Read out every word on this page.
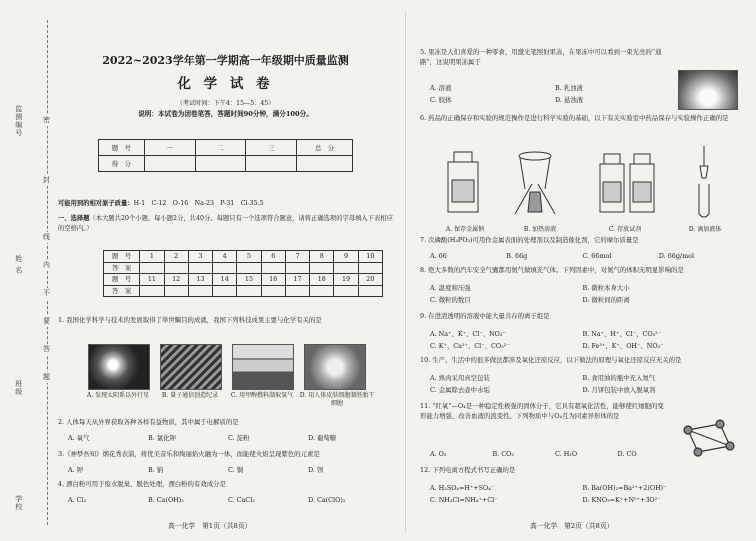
监测编号
姓 名
班级
学校
密
封
线
内
不
要
答
题
2022~2023学年第一学期高一年级期中质量监测
化 学 试 卷
（考试时间：下午4：15—5：45）
说明：本试卷为闭卷笔答，答题时间90分钟，满分100分。
题　号	一	二	三	总　分
得　分				
可能用到的相对原子质量：H-1　C-12　O-16　Na-23　P-31　Cl-35.5
一、选择题（本大题共20个小题，每小题2分，共40分。每题只有一个选项符合题意，请将正确选项的字母填入下表相应的空格内。）
题　号	1	2	3	4	5	6	7	8	9	10
答　案										
题　号	11	12	13	14	15	16	17	18	19	20
答　案										
1. 我国化学科学与技术的发展取得了举世瞩目的成就，我国下列科技成果主要与化学有关的是
A. 发现太阳系以外行星	B. 量子通信创造纪录	C. 用甲醇燃料制取氢气	D. 用人体皮肤细胞制胚胎干细胞
2. 人体每天从外界获取各种各样有益物质，其中属于电解质的是
A. 氧气	B. 氯化钾	C. 淀粉	D. 葡萄糖
3.《神梦吾知》烟花秀表演，将优美音乐和绚丽焰火融为一体，而能使火焰呈现紫色的元素是
A. 钾	B. 钠	C. 铜	D. 钡
4. 漂白粉可用于废水脱臭、脱色处理，漂白粉的有效成分是
A. Cl₂	B. Ca(OH)₂	C. CaCl₂	D. Ca(ClO)₂
高一化学　第1页（共8页）
5. 果冻是人们喜爱的一种零食，用激光笔照射果冻，在果冻中可以看到一束光亮的“通路”，这说明果冻属于
A. 溶液	B. 乳浊液
C. 胶体	D. 悬浊液
6. 药品的正确保存和实验的规范操作是进行科学实验的基础，以下有关实验室中药品保存与实验操作正确的是
A. 保存金属钠	B. 加热溶液	C. 存放试剂	D. 滴加液体
7. 次磷酸(H₃PO₂)可用作金属表面的处理剂以及制造催化剂，它的摩尔质量是
A. 66	B. 66g	C. 66mol	D. 66g/mol
8. 绝大多数的汽车安全气囊都用氮气做填充气体。下列因素中，对氮气的体积无明显影响的是
A. 温度和压强	B. 微粒本身大小
C. 微粒的数目	D. 微粒间的距离
9. 在澄清透明的溶液中能大量共存的离子组是
A. Na⁺、K⁺、Cl⁻、NO₃⁻	B. Na⁺、H⁺、Cl⁻、CO₃²⁻
C. K⁺、Ca²⁺、Cl⁻、CO₃²⁻	D. Fe³⁺、K⁺、OH⁻、NO₃⁻
10. 生产、生活中的很多做法都涉及氧化还原反应，以下做法的原理与氧化还原反应无关的是
A. 熟肉采用真空包装	B. 食用油的瓶中充入氮气
C. 金属除去壶中水垢	D. 月饼包装中放入脱氧剂
11. “红氧”—O₄是一种稳定性极强的固体分子，它具有超氧化活性，能够使红细胞的变形能力增强，改善血液的流变性。下列物质中与O₄互为同素异形体的是
A. O₂	B. CO₂	C. H₂O	D. CO
12. 下列电离方程式书写正确的是
A. H₂SO₄=H⁺+SO₄⁻	B. Ba(OH)₂=Ba²⁺+2(OH)⁻
C. NH₄Cl=NH₄⁺+Cl⁻	D. KNO₃=K⁺+N⁵⁺+3O²⁻
高一化学　第2页（共8页）
